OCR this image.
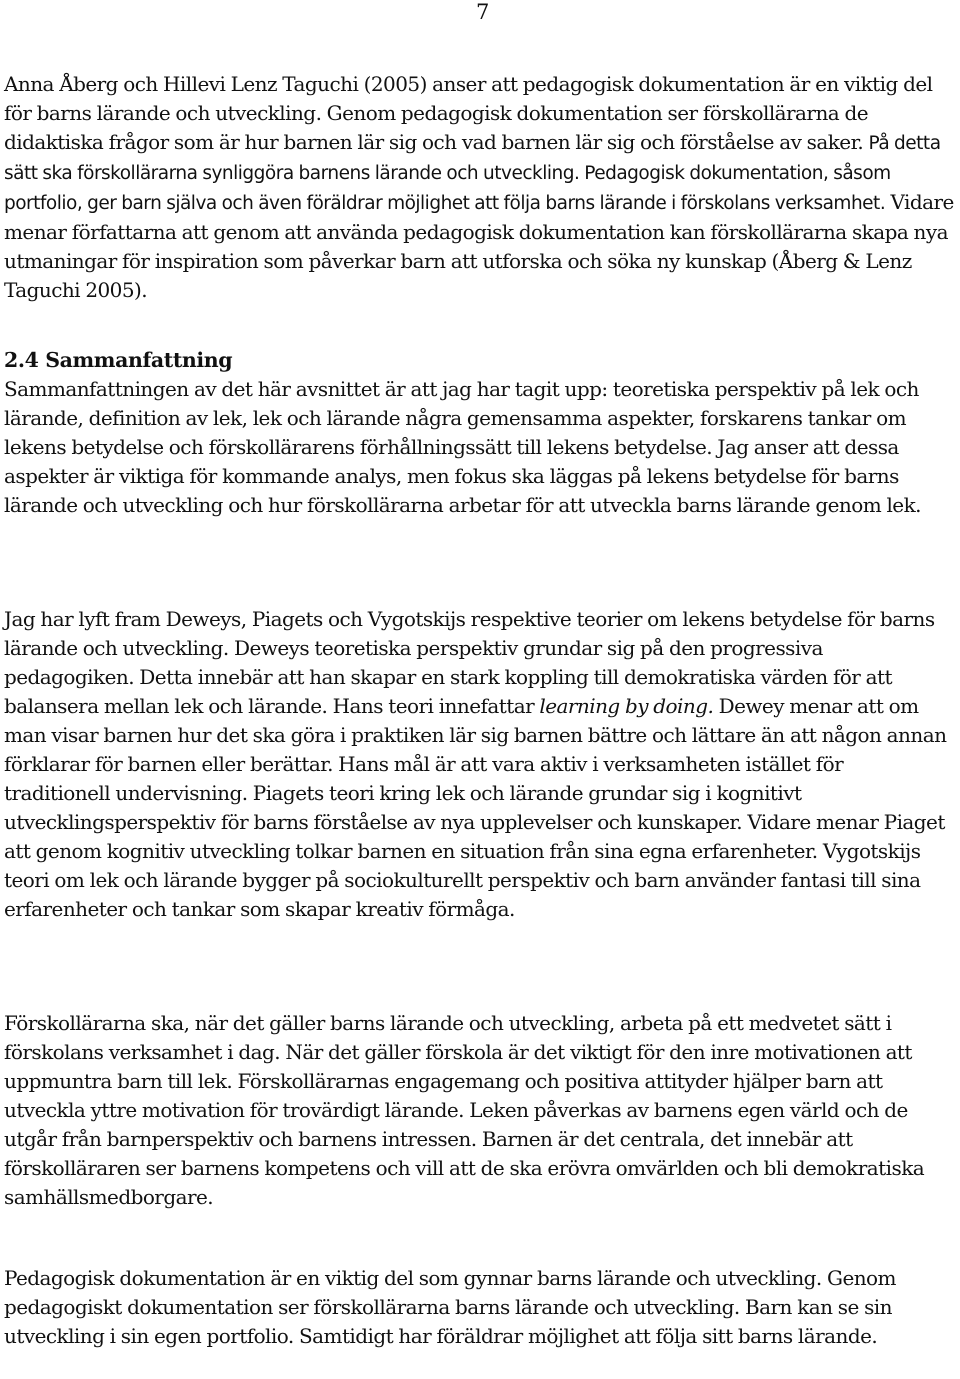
7

Anna Åberg och Hillevi Lenz Taguchi (2005) anser att pedagogisk dokumentation är en viktig del för barns lärande och utveckling. Genom pedagogisk dokumentation ser förskollärarna de didaktiska frågor som är hur barnen lär sig och vad barnen lär sig och förståelse av saker. På detta sätt ska förskollärarna synliggöra barnens lärande och utveckling. Pedagogisk dokumentation, såsom portfolio, ger barn själva och även föräldrar möjlighet att följa barns lärande i förskolans verksamhet. Vidare menar författarna att genom att använda pedagogisk dokumentation kan förskollärarna skapa nya utmaningar för inspiration som påverkar barn att utforska och söka ny kunskap (Åberg & Lenz Taguchi 2005).

2.4 Sammanfattning

Sammanfattningen av det här avsnittet är att jag har tagit upp: teoretiska perspektiv på lek och lärande, definition av lek, lek och lärande några gemensamma aspekter, forskarens tankar om lekens betydelse och förskollärarens förhållningssätt till lekens betydelse. Jag anser att dessa aspekter är viktiga för kommande analys, men fokus ska läggas på lekens betydelse för barns lärande och utveckling och hur förskollärarna arbetar för att utveckla barns lärande genom lek.

Jag har lyft fram Deweys, Piagets och Vygotskijs respektive teorier om lekens betydelse för barns lärande och utveckling. Deweys teoretiska perspektiv grundar sig på den progressiva pedagogiken. Detta innebär att han skapar en stark koppling till demokratiska värden för att balansera mellan lek och lärande. Hans teori innefattar learning by doing. Dewey menar att om man visar barnen hur det ska göra i praktiken lär sig barnen bättre och lättare än att någon annan förklarar för barnen eller berättar. Hans mål är att vara aktiv i verksamheten istället för traditionell undervisning. Piagets teori kring lek och lärande grundar sig i kognitivt utvecklingsperspektiv för barns förståelse av nya upplevelser och kunskaper. Vidare menar Piaget att genom kognitiv utveckling tolkar barnen en situation från sina egna erfarenheter. Vygotskijs teori om lek och lärande bygger på sociokulturellt perspektiv och barn använder fantasi till sina erfarenheter och tankar som skapar kreativ förmåga.

Förskollärarna ska, när det gäller barns lärande och utveckling, arbeta på ett medvetet sätt i förskolans verksamhet i dag. När det gäller förskola är det viktigt för den inre motivationen att uppmuntra barn till lek. Förskollärarnas engagemang och positiva attityder hjälper barn att utveckla yttre motivation för trovärdigt lärande. Leken påverkas av barnens egen värld och de utgår från barnperspektiv och barnens intressen. Barnen är det centrala, det innebär att förskolläraren ser barnens kompetens och vill att de ska erövra omvärlden och bli demokratiska samhällsmedborgare.

Pedagogisk dokumentation är en viktig del som gynnar barns lärande och utveckling. Genom pedagogiskt dokumentation ser förskollärarna barns lärande och utveckling. Barn kan se sin utveckling i sin egen portfolio. Samtidigt har föräldrar möjlighet att följa sitt barns lärande.
